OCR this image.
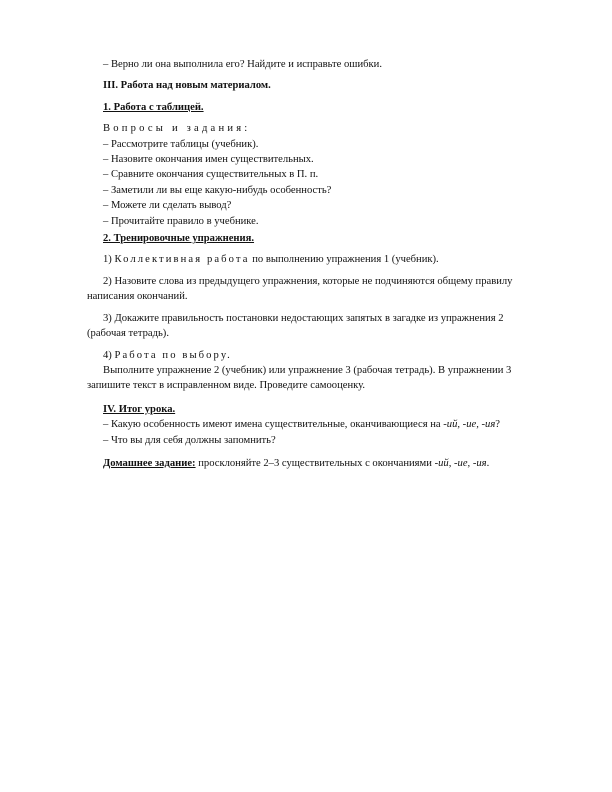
– Верно ли она выполнила его? Найдите и исправьте ошибки.

III. Работа над новым материалом.

1. Работа с таблицей.

Вопросы и задания:

– Рассмотрите таблицы (учебник).

– Назовите окончания имен существительных.

– Сравните окончания существительных в П. п.

– Заметили ли вы еще какую-нибудь особенность?

– Можете ли сделать вывод?

– Прочитайте правило в учебнике.

2. Тренировочные упражнения.

1) Коллективная работа по выполнению упражнения 1 (учебник).

2) Назовите слова из предыдущего упражнения, которые не подчиняются общему правилу

написания окончаний.

3) Докажите правильность постановки недостающих запятых в загадке из упражнения 2

(рабочая тетрадь).

4) Работа по выбору.

Выполните упражнение 2 (учебник) или упражнение 3 (рабочая тетрадь). В упражнении 3

запишите текст в исправленном виде. Проведите самооценку.

IV. Итог урока.

– Какую особенность имеют имена существительные, оканчивающиеся на -ий, -ие, -ия?

– Что вы для себя должны запомнить?

Домашнее задание: просклоняйте 2–3 существительных с окончаниями -ий, -ие, -ия.
